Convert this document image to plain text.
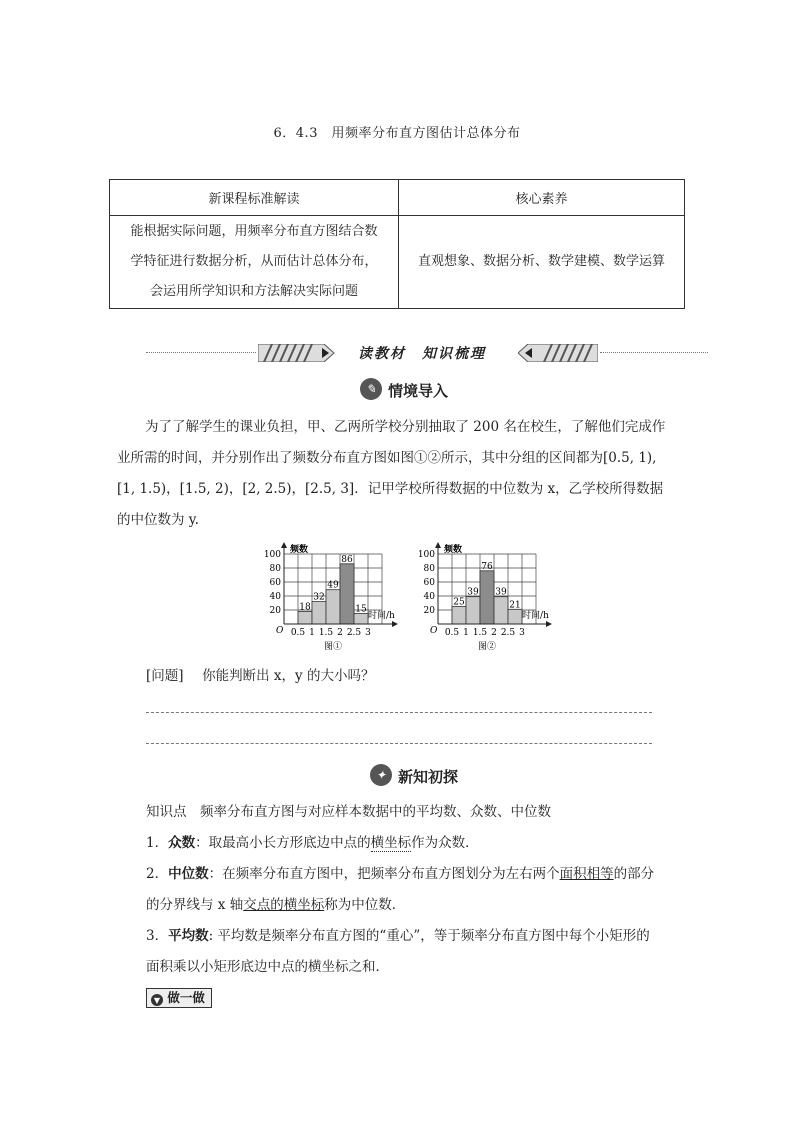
6．4.3　用频率分布直方图估计总体分布
新课程标准解读	核心素养

能根据实际问题，用频率分布直方图结合数
学特征进行数据分析，从而估计总体分布，
会运用所学知识和方法解决实际问题	直观想象、数据分析、数学建模、数学运算
读教材　知识梳理
✎ 情境导入
为了了解学生的课业负担，甲、乙两所学校分别抽取了 200 名在校生，了解他们完成作
业所需的时间，并分别作出了频数分布直方图如图①②所示，其中分组的区间都为[0.5, 1),
[1, 1.5)，[1.5, 2)，[2, 2.5)，[2.5, 3]．记甲学校所得数据的中位数为 x，乙学校所得数据
的中位数为 y.
20
40
60
80
100
18
32
49
86
15
频数
时间/h
O 0.5 1 1.5 2 2.5 3
图①
20
40
60
80
100
25
39
76
39
21
频数
时间/h
O 0.5 1 1.5 2 2.5 3
图②
[问题] 你能判断出 x，y 的大小吗？
✦ 新知初探
知识点　频率分布直方图与对应样本数据中的平均数、众数、中位数
1．众数：取最高小长方形底边中点的横坐标作为众数．
2．中位数：在频率分布直方图中，把频率分布直方图划分为左右两个面积相等的部分
的分界线与 x 轴交点的横坐标称为中位数．
3．平均数: 平均数是频率分布直方图的“重心”，等于频率分布直方图中每个小矩形的
面积乘以小矩形底边中点的横坐标之和．
▼ 做一做
